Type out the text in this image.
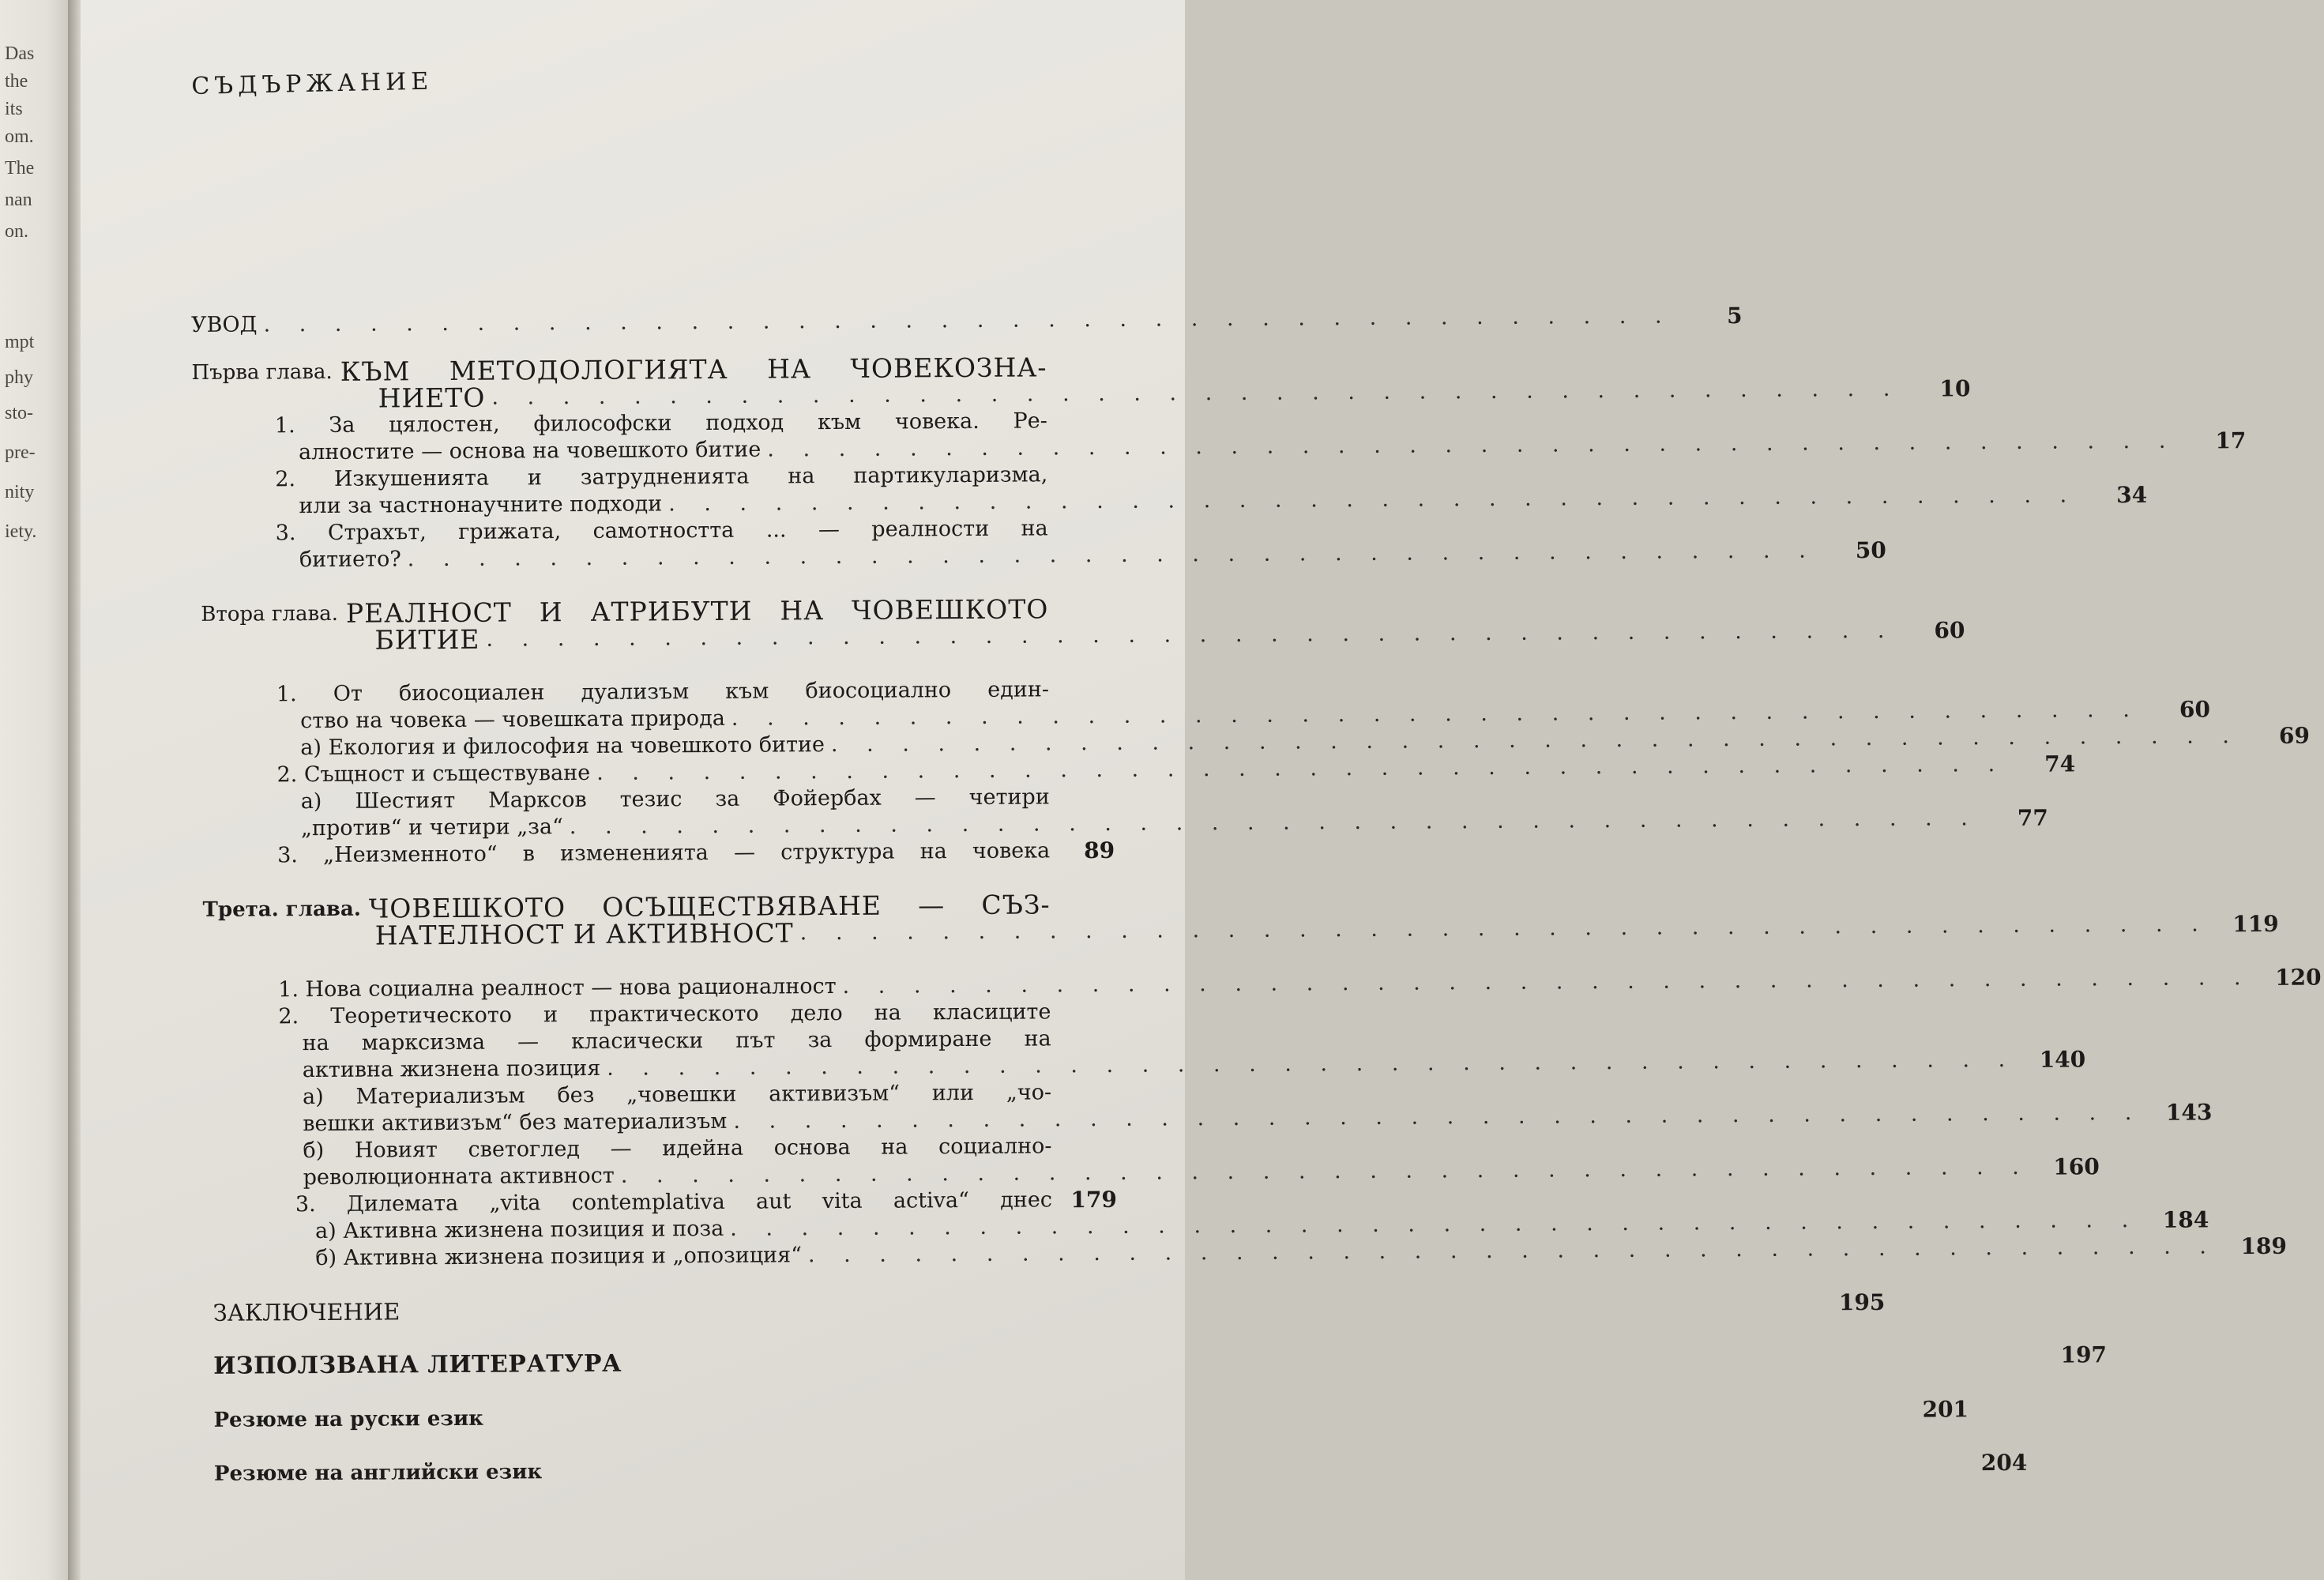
Das
the
its
om.
The
nan
on.
mpt
phy
sto-
pre-
nity
iety.
СЪДЪРЖАНИЕ
УВОД . . . . . . . . . . . . . . . . . . . . . . . . . . . . . . . . . . . . . . . .	5
Първа глава. КЪМ МЕТОДОЛОГИЯТА НА ЧОВЕКОЗНА-
НИЕТО . . . . . . . . . . . . . . . . . . . . . . . . . . . . . . . . . . . . . . . .	10
1. За цялостен, философски подход към човека. Ре-
алностите — основа на човешкото битие . . . . . . . . . . . . . . . . . . . . . . . . . . . . . . . . . . . . . . . .	17
2. Изкушенията и затрудненията на партикуларизма,
или за частнонаучните подходи . . . . . . . . . . . . . . . . . . . . . . . . . . . . . . . . . . . . . . . .	34
3. Страхът, грижата, самотността ... — реалности на
битието? . . . . . . . . . . . . . . . . . . . . . . . . . . . . . . . . . . . . . . . .	50
Втора глава. РЕАЛНОСТ И АТРИБУТИ НА ЧОВЕШКОТО
БИТИЕ . . . . . . . . . . . . . . . . . . . . . . . . . . . . . . . . . . . . . . . .	60
1. От биосоциален дуализъм към биосоциално един-
ство на човека — човешката природа . . . . . . . . . . . . . . . . . . . . . . . . . . . . . . . . . . . . . . . .	60
а) Екология и философия на човешкото битие . . . . . . . . . . . . . . . . . . . . . . . . . . . . . . . . . . . . . . . .	69
2. Същност и съществуване . . . . . . . . . . . . . . . . . . . . . . . . . . . . . . . . . . . . . . . .	74
а) Шестият Марксов тезис за Фойербах — четири
„против“ и четири „за“ . . . . . . . . . . . . . . . . . . . . . . . . . . . . . . . . . . . . . . . .	77
3. „Неизменното“ в измененията — структура на човека	89
Трета. глава. ЧОВЕШКОТО ОСЪЩЕСТВЯВАНЕ — СЪЗ-
НАТЕЛНОСТ И АКТИВНОСТ . . . . . . . . . . . . . . . . . . . . . . . . . . . . . . . . . . . . . . . .	119
1. Нова социална реалност — нова рационалност . . . . . . . . . . . . . . . . . . . . . . . . . . . . . . . . . . . . . . . .	120
2. Теоретическото и практическото дело на класиците
на марксизма — класически път за формиране на
активна жизнена позиция . . . . . . . . . . . . . . . . . . . . . . . . . . . . . . . . . . . . . . . .	140
а) Материализъм без „човешки активизъм“ или „чо-
вешки активизъм“ без материализъм . . . . . . . . . . . . . . . . . . . . . . . . . . . . . . . . . . . . . . . .	143
б) Новият светоглед — идейна основа на социално-
революционната активност . . . . . . . . . . . . . . . . . . . . . . . . . . . . . . . . . . . . . . . .	160
3. Дилемата „vita contemplativa aut vita activa“ днес 179
а) Активна жизнена позиция и поза . . . . . . . . . . . . . . . . . . . . . . . . . . . . . . . . . . . . . . . .	184
б) Активна жизнена позиция и „опозиция“ . . . . . . . . . . . . . . . . . . . . . . . . . . . . . . . . . . . . . . . .	189
ЗАКЛЮЧЕНИЕ	195
ИЗПОЛЗВАНА ЛИТЕРАТУРА	197
Резюме на руски език	201
Резюме на английски език	204
